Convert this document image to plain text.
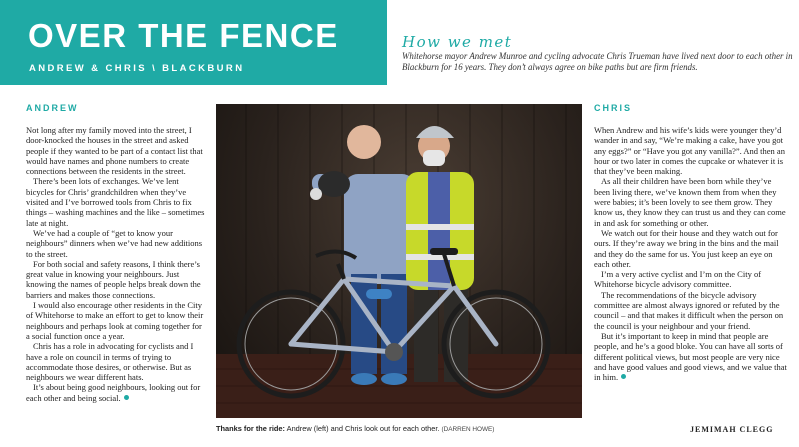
OVER THE FENCE
ANDREW & CHRIS \ BLACKBURN
How we met
Whitehorse mayor Andrew Munroe and cycling advocate Chris Trueman have lived next door to each other in Blackburn for 16 years. They don’t always agree on bike paths but are firm friends.
ANDREW

Not long after my family moved into the street, I door-knocked the houses in the street and asked people if they wanted to be part of a contact list that would have names and phone numbers to create connections between the residents in the street.

There’s been lots of exchanges. We’ve lent bicycles for Chris’ grandchildren when they’ve visited and I’ve borrowed tools from Chris to fix things – washing machines and the like – sometimes late at night.

We’ve had a couple of “get to know your neighbours” dinners when we’ve had new additions to the street.

For both social and safety reasons, I think there’s great value in knowing your neighbours. Just knowing the names of people helps break down the barriers and makes those connections.

I would also encourage other residents in the City of Whitehorse to make an effort to get to know their neighbours and perhaps look at coming together for a social function once a year.

Chris has a role in advocating for cyclists and I have a role on council in terms of trying to accommodate those desires, or otherwise. But as neighbours we wear different hats.

It’s about being good neighbours, looking out for each other and being social.

Thanks for the ride: Andrew (left) and Chris look out for each other. (DARREN HOWE)
CHRIS

When Andrew and his wife’s kids were younger they’d wander in and say, “We’re making a cake, have you got any eggs?” or “Have you got any vanilla?”. And then an hour or two later in comes the cupcake or whatever it is that they’ve been making.

As all their children have been born while they’ve been living there, we’ve known them from when they were babies; it’s been lovely to see them grow. They know us, they know they can trust us and they can come in and ask for something or other.

We watch out for their house and they watch out for ours. If they’re away we bring in the bins and the mail and they do the same for us. You just keep an eye on each other.

I’m a very active cyclist and I’m on the City of Whitehorse bicycle advisory committee.

The recommendations of the bicycle advisory committee are almost always ignored or refuted by the council – and that makes it difficult when the person on the council is your neighbour and your friend.

But it’s important to keep in mind that people are people, and he’s a good bloke. You can have all sorts of different political views, but most people are very nice and have good values and good views, and we value that in him.

JEMIMAH CLEGG
